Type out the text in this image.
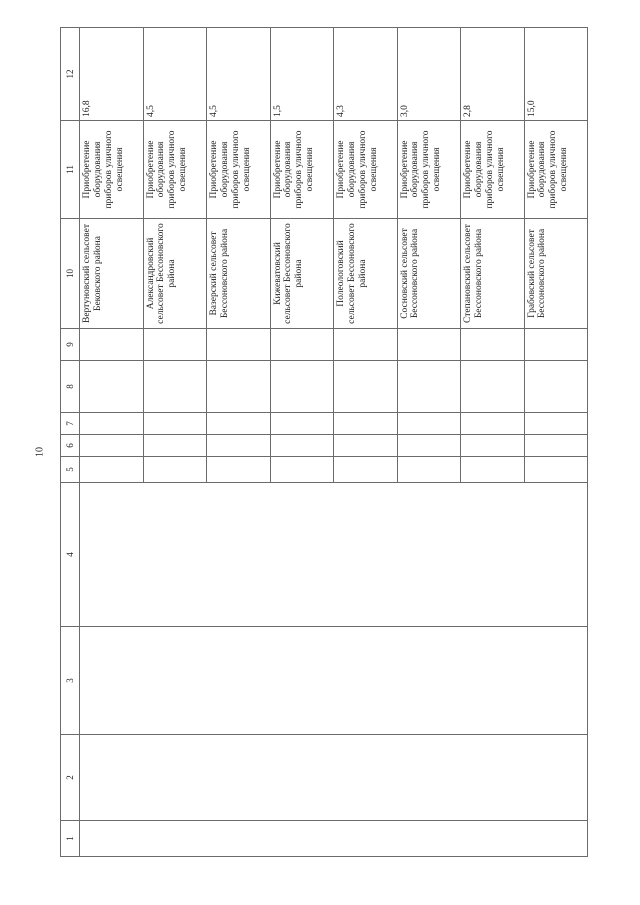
10
1	2	3	4	5	6	7	8	9	10	11	12
									Вертуновский сельсовет Бековского района	Приобретение оборудования приборов уличного освещения	16,8
									Александровский сельсовет Бессоновского района	Приобретение оборудования приборов уличного освещения	4,5
									Вазерский сельсовет Бессоновского района	Приобретение оборудования приборов уличного освещения	4,5
									Кижеватовский сельсовет Бессоновского района	Приобретение оборудования приборов уличного освещения	1,5
									Полеологовский сельсовет Бессоновского района	Приобретение оборудования приборов уличного освещения	4,3
									Сосновский сельсовет Бессоновского района	Приобретение оборудования приборов уличного освещения	3,0
									Степановский сельсовет Бессоновского района	Приобретение оборудования приборов уличного освещения	2,8
									Грабовский сельсовет Бессоновского района	Приобретение оборудования приборов уличного освещения	15,0
